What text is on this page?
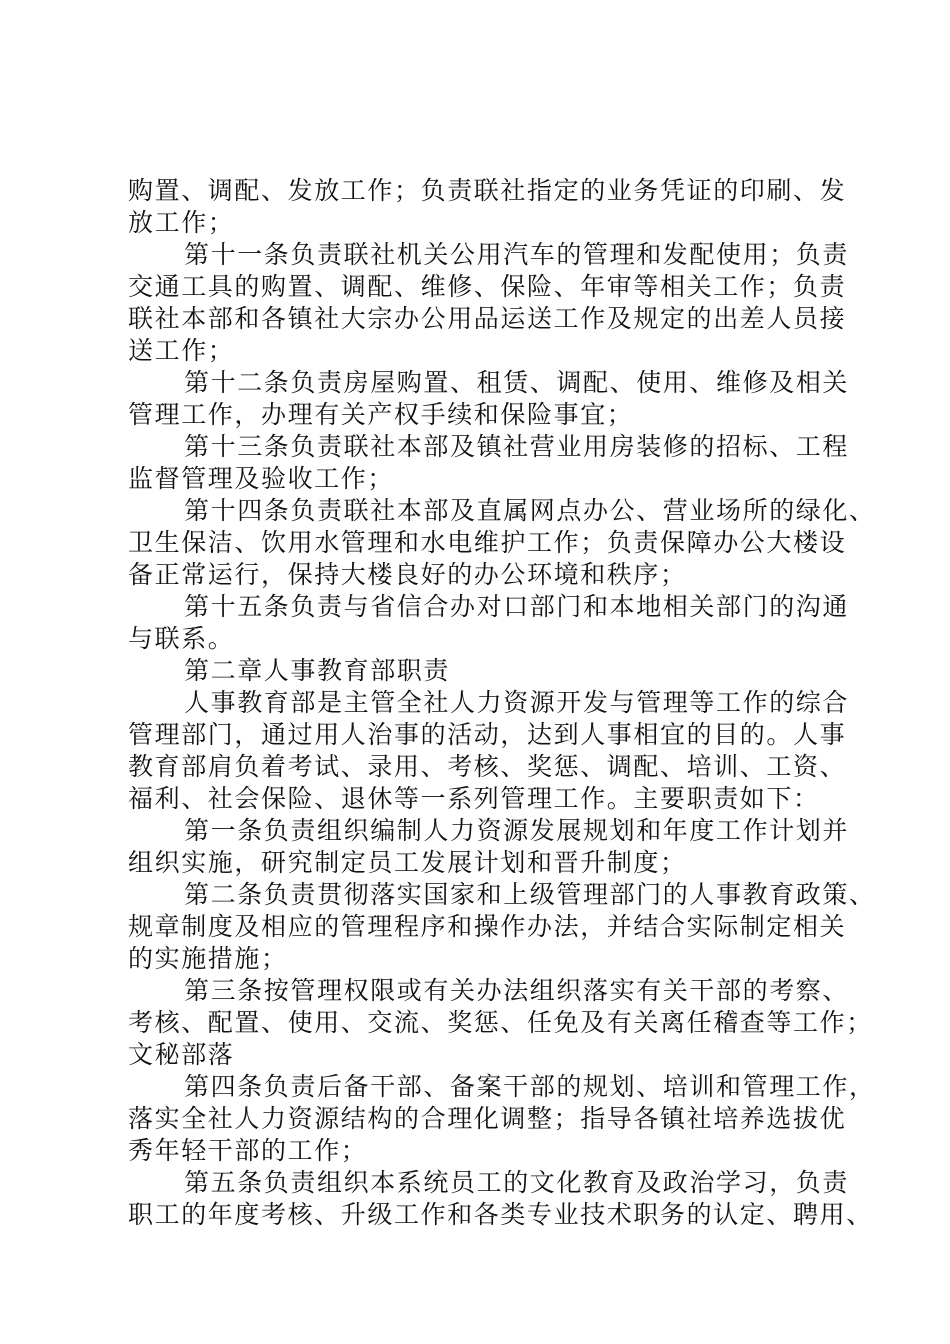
购置、调配、发放工作；负责联社指定的业务凭证的印刷、发
放工作；
第十一条负责联社机关公用汽车的管理和发配使用；负责
交通工具的购置、调配、维修、保险、年审等相关工作；负责
联社本部和各镇社大宗办公用品运送工作及规定的出差人员接
送工作；
第十二条负责房屋购置、租赁、调配、使用、维修及相关
管理工作，办理有关产权手续和保险事宜；
第十三条负责联社本部及镇社营业用房装修的招标、工程
监督管理及验收工作；
第十四条负责联社本部及直属网点办公、营业场所的绿化、
卫生保洁、饮用水管理和水电维护工作；负责保障办公大楼设
备正常运行，保持大楼良好的办公环境和秩序；
第十五条负责与省信合办对口部门和本地相关部门的沟通
与联系。
第二章人事教育部职责
人事教育部是主管全社人力资源开发与管理等工作的综合
管理部门，通过用人治事的活动，达到人事相宜的目的。人事
教育部肩负着考试、录用、考核、奖惩、调配、培训、工资、
福利、社会保险、退休等一系列管理工作。主要职责如下：
第一条负责组织编制人力资源发展规划和年度工作计划并
组织实施，研究制定员工发展计划和晋升制度；
第二条负责贯彻落实国家和上级管理部门的人事教育政策、
规章制度及相应的管理程序和操作办法，并结合实际制定相关
的实施措施；
第三条按管理权限或有关办法组织落实有关干部的考察、
考核、配置、使用、交流、奖惩、任免及有关离任稽查等工作；
文秘部落
第四条负责后备干部、备案干部的规划、培训和管理工作，
落实全社人力资源结构的合理化调整；指导各镇社培养选拔优
秀年轻干部的工作；
第五条负责组织本系统员工的文化教育及政治学习，负责
职工的年度考核、升级工作和各类专业技术职务的认定、聘用、
